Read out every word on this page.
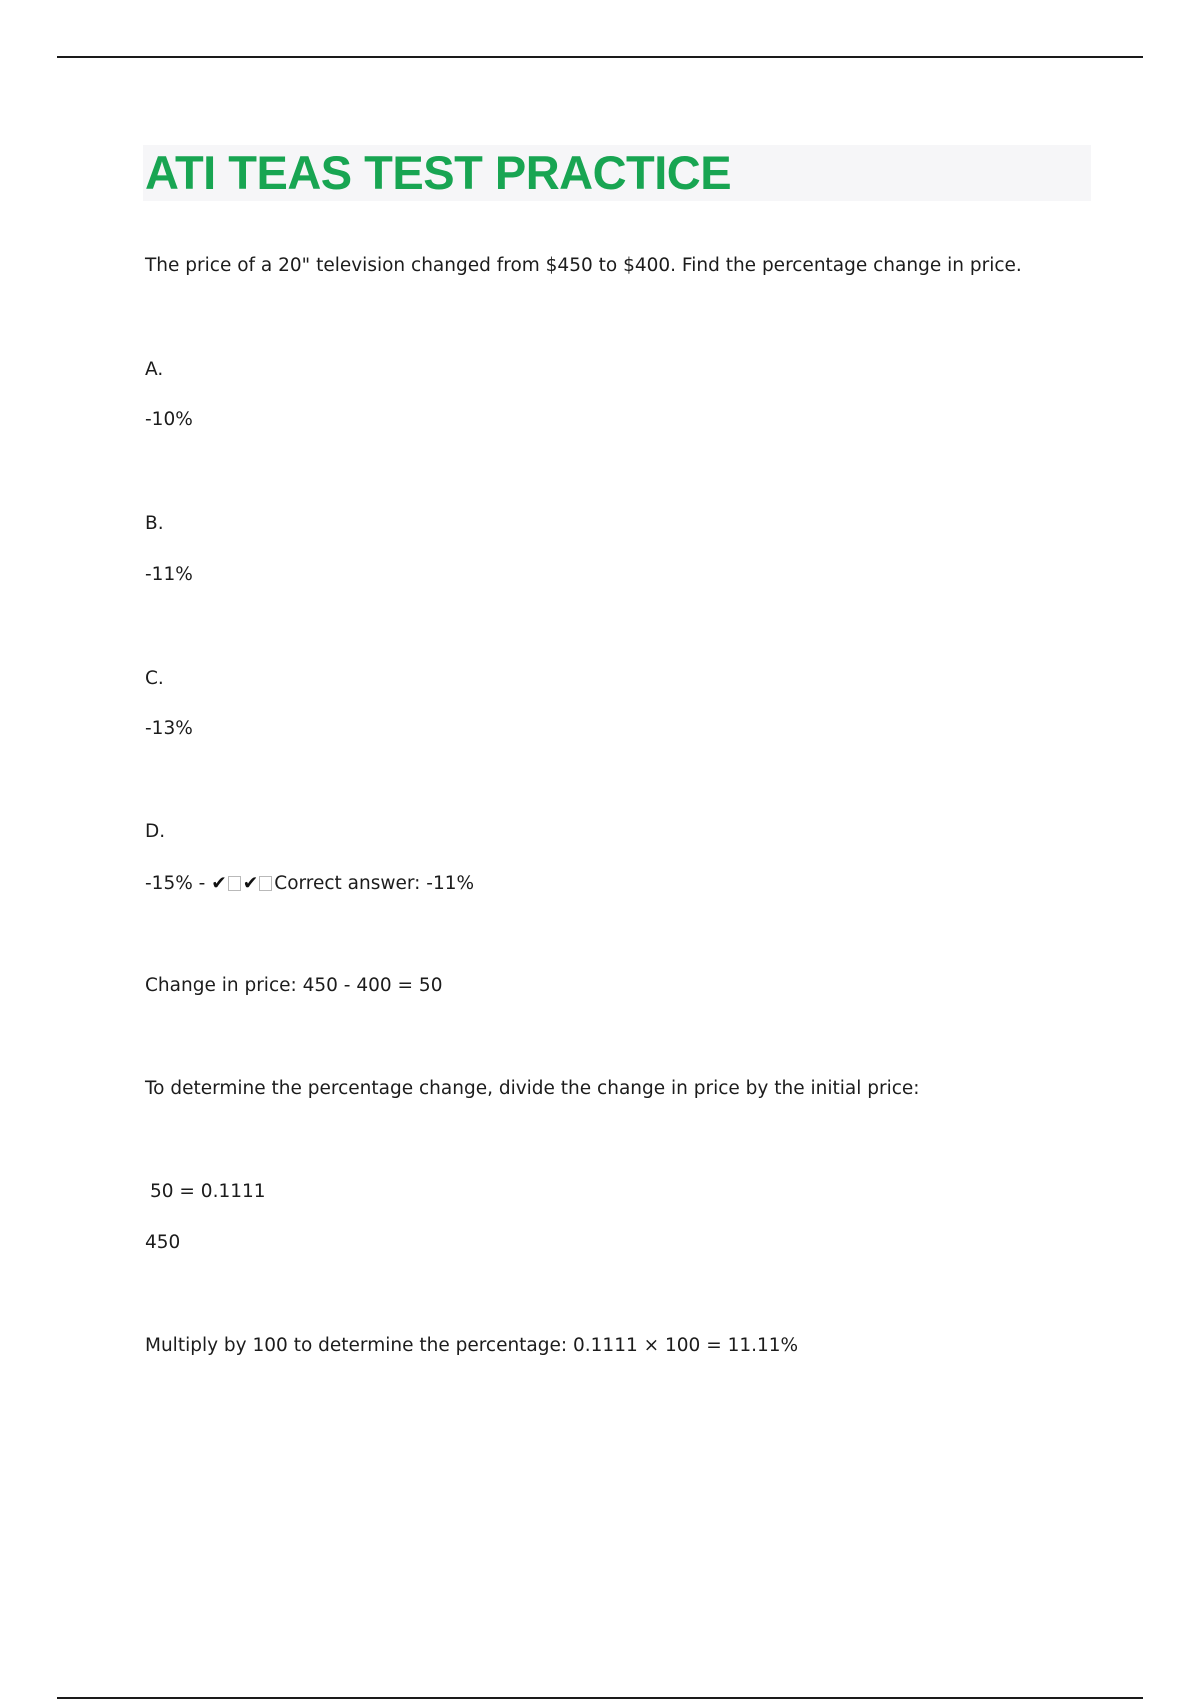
ATI TEAS TEST PRACTICE
The price of a 20" television changed from $450 to $400. Find the percentage change in price.
A.
-10%
B.
-11%
C.
-13%
D.
-15% - ✔ ✔ Correct answer: -11%
Change in price: 450 - 400 = 50
To determine the percentage change, divide the change in price by the initial price:
50 = 0.1111
450
Multiply by 100 to determine the percentage: 0.1111 × 100 = 11.11%
